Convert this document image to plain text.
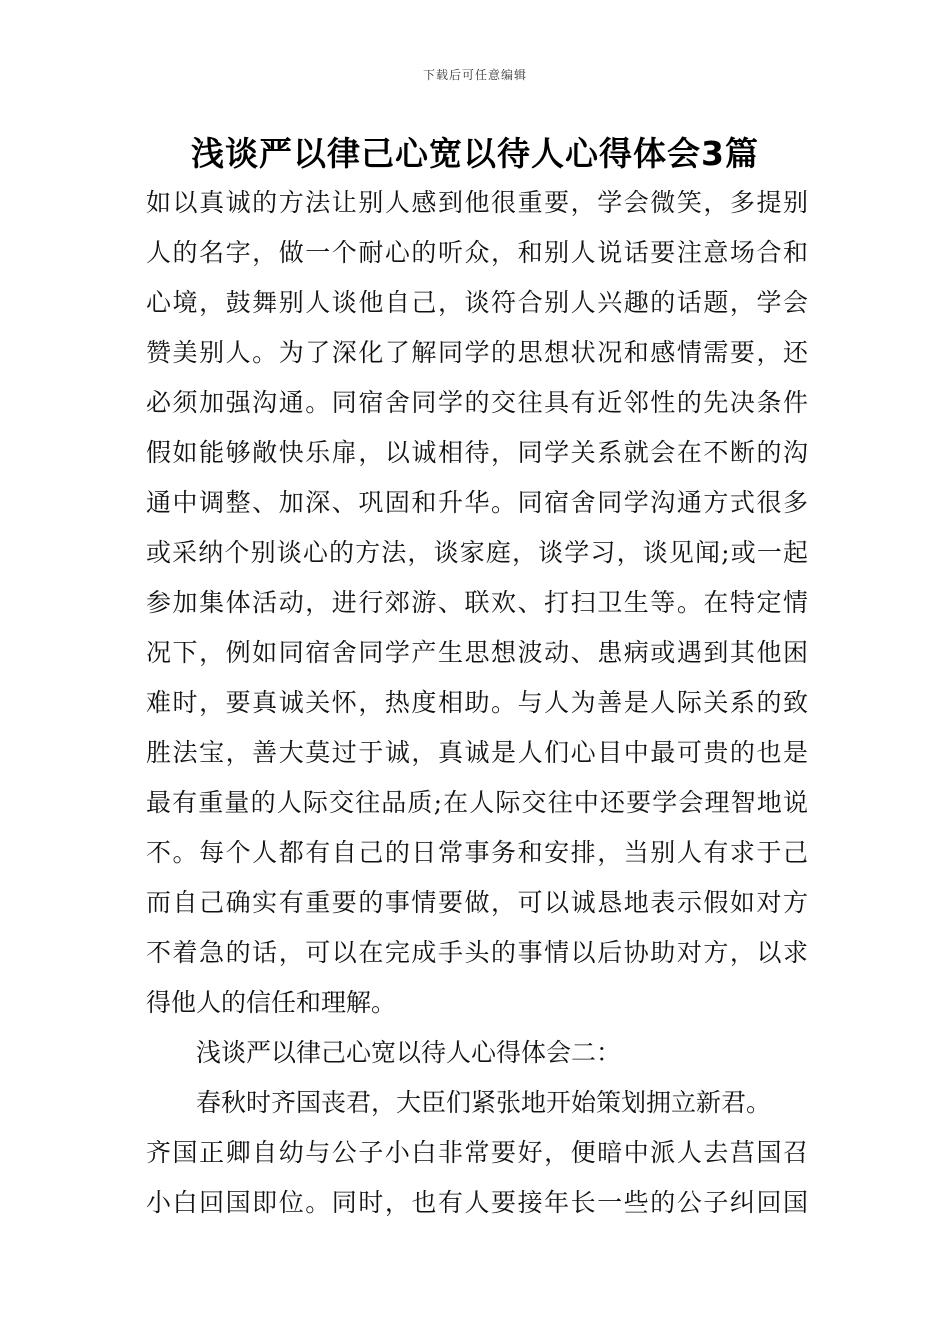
下载后可任意编辑
浅谈严以律己心宽以待人心得体会3篇
如以真诚的方法让别人感到他很重要，学会微笑，多提别
人的名字，做一个耐心的听众，和别人说话要注意场合和
心境，鼓舞别人谈他自己，谈符合别人兴趣的话题，学会
赞美别人。为了深化了解同学的思想状况和感情需要，还
必须加强沟通。同宿舍同学的交往具有近邻性的先决条件
假如能够敞快乐扉，以诚相待，同学关系就会在不断的沟
通中调整、加深、巩固和升华。同宿舍同学沟通方式很多
或采纳个别谈心的方法，谈家庭，谈学习，谈见闻;或一起
参加集体活动，进行郊游、联欢、打扫卫生等。在特定情
况下，例如同宿舍同学产生思想波动、患病或遇到其他困
难时，要真诚关怀，热度相助。与人为善是人际关系的致
胜法宝，善大莫过于诚，真诚是人们心目中最可贵的也是
最有重量的人际交往品质;在人际交往中还要学会理智地说
不。每个人都有自己的日常事务和安排，当别人有求于己
而自己确实有重要的事情要做，可以诚恳地表示假如对方
不着急的话，可以在完成手头的事情以后协助对方，以求
得他人的信任和理解。
浅谈严以律己心宽以待人心得体会二：
春秋时齐国丧君，大臣们紧张地开始策划拥立新君。
齐国正卿自幼与公子小白非常要好，便暗中派人去莒国召
小白回国即位。同时，也有人要接年长一些的公子纠回国
